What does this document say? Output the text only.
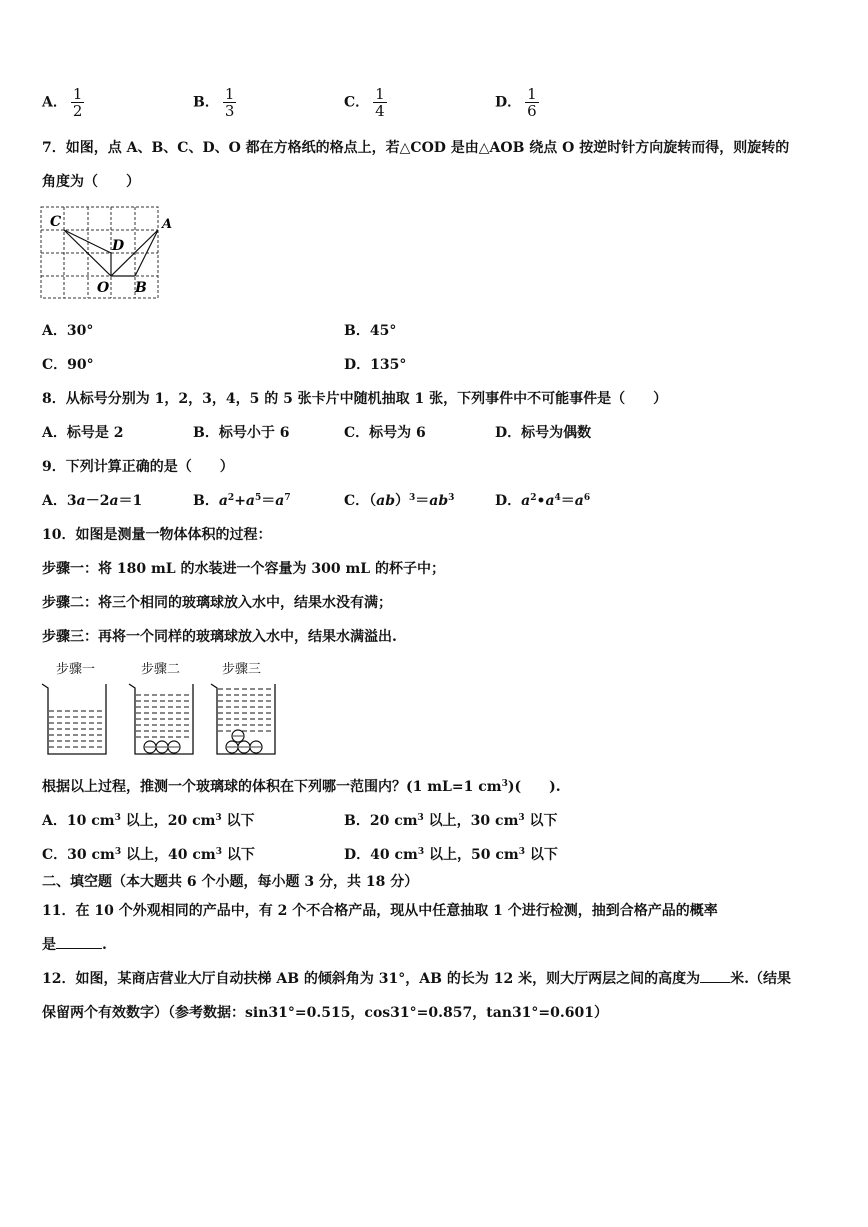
A． $\frac{1}{2}$	B． $\frac{1}{3}$	C． $\frac{1}{4}$	D． $\frac{1}{6}$
7．如图，点 A、B、C、D、O 都在方格纸的格点上，若△COD 是由△AOB 绕点 O 按逆时针方向旋转而得，则旋转的
角度为（　　）
C	A
D
O B
A．30°	B．45°
C．90°	D．135°
8．从标号分别为 1，2，3，4，5 的 5 张卡片中随机抽取 1 张，下列事件中不可能事件是（　　）
A．标号是 2	B．标号小于 6	C．标号为 6	D．标号为偶数
9．下列计算正确的是（　　）
A．3a－2a＝1	B．$a^2+a^5=a^7$	C．$(ab)^3=ab^3$	D．$a^2•a^4=a^6$
10．如图是测量一物体体积的过程：
步骤一：将 180 mL 的水装进一个容量为 300 mL 的杯子中；
步骤二：将三个相同的玻璃球放入水中，结果水没有满；
步骤三：再将一个同样的玻璃球放入水中，结果水满溢出.
步骤一	步骤二	步骤三
根据以上过程，推测一个玻璃球的体积在下列哪一范围内？(1 mL=1 $cm^3$)(　　).
A．10 $cm^3$ 以上，20 $cm^3$ 以下	B．20 $cm^3$ 以上，30 $cm^3$ 以下
C．30 $cm^3$ 以上，40 $cm^3$ 以下	D．40 $cm^3$ 以上，50 $cm^3$ 以下
二、填空题（本大题共 6 个小题，每小题 3 分，共 18 分）
11．在 10 个外观相同的产品中，有 2 个不合格产品，现从中任意抽取 1 个进行检测，抽到合格产品的概率
是	.
12．如图，某商店营业大厅自动扶梯 AB 的倾斜角为 31°，AB 的长为 12 米，则大厅两层之间的高度为 米.（结果
保留两个有效数字）（参考数据：sin31°=0.515，cos31°=0.857，tan31°=0.601）
